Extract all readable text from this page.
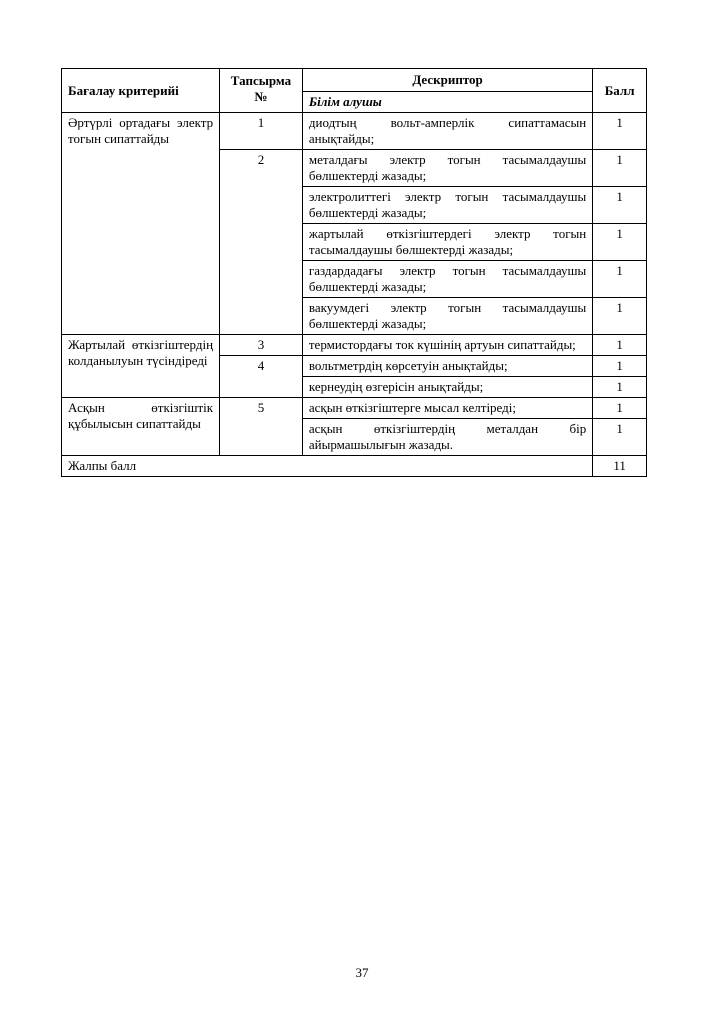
Бағалау критерийі	Тапсырма №	Дескриптор	Балл
		Білім алушы	
Әртүрлі ортадағы электр тогын сипаттайды	1	диодтың вольт-амперлік сипаттамасын анықтайды;	1
	2	металдағы электр тогын тасымалдаушы бөлшектерді жазады;	1
		электролиттегі электр тогын тасымалдаушы бөлшектерді жазады;	1
		жартылай өткізгіштердегі электр тогын тасымалдаушы бөлшектерді жазады;	1
		газдардадағы электр тогын тасымалдаушы бөлшектерді жазады;	1
		вакуумдегі электр тогын тасымалдаушы бөлшектерді жазады;	1
Жартылай өткізгіштердің колданылуын түсіндіреді	3	термистордағы ток күшінің артуын сипаттайды;	1
	4	вольтметрдің көрсетуін анықтайды;	1
		кернеудің өзгерісін анықтайды;	1
Асқын өткізгіштік құбылысын сипаттайды	5	асқын өткізгіштерге мысал келтіреді;	1
		асқын өткізгіштердің металдан бір айырмашылығын жазады.	1
Жалпы балл			11
37
